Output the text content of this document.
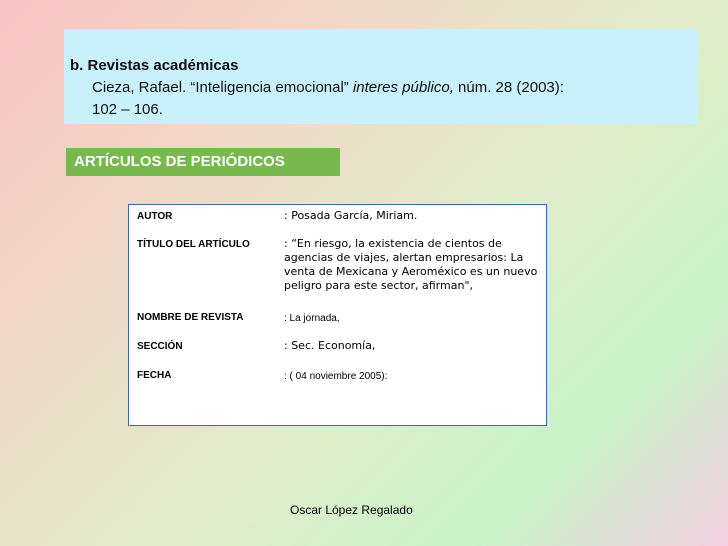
b. Revistas académicas
Cieza, Rafael. “Inteligencia emocional” interes público, núm. 28 (2003):
102 – 106.
ARTÍCULOS DE PERIÓDICOS
AUTOR	: Posada García, Miriam.
TÍTULO DEL ARTÍCULO	: “En riesgo, la existencia de cientos de agencias de viajes, alertan empresarios: La venta de Mexicana y Aeroméxico es un nuevo peligro para este sector, afirman",
NOMBRE DE REVISTA	: La jornada,
SECCIÓN	: Sec. Economía,
FECHA	: ( 04 noviembre 2005):
Oscar López Regalado
